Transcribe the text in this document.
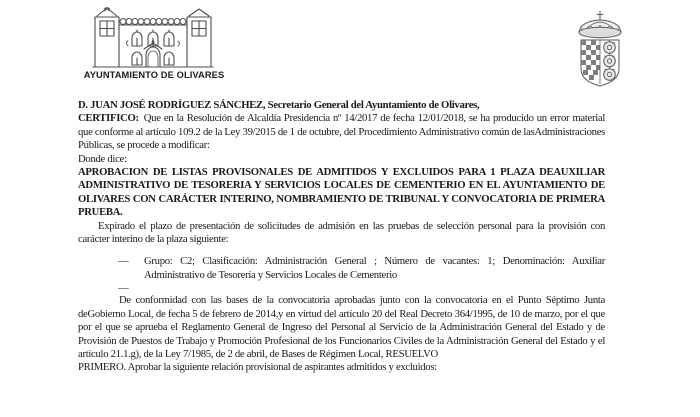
AYUNTAMIENTO DE OLIVARES

D. JUAN JOSÉ RODRÍGUEZ SÁNCHEZ, Secretario General del Ayuntamiento de Olivares,

CERTIFICO: Que en la Resolución de Alcaldía Presidencia nº 14/2017 de fecha 12/01/2018, se ha producido un error material que conforme al artículo 109.2 de la Ley 39/2015 de 1 de octubre, del Procedimiento Administrativo común de lasAdministraciones Públicas, se procede a modificar:

Donde dice:

APROBACION DE LISTAS PROVISONALES DE ADMITIDOS Y EXCLUIDOS PARA 1 PLAZA DEAUXILIAR ADMINISTRATIVO DE TESORERIA Y SERVICIOS LOCALES DE CEMENTERIO EN EL AYUNTAMIENTO DE OLIVARES CON CARÁCTER INTERINO, NOMBRAMIENTO DE TRIBUNAL Y CONVOCATORIA DE PRIMERA PRUEBA.

Expirado el plazo de presentación de solicitudes de admisión en las pruebas de selección personal para la provisión con carácter interino de la plaza siguiente:

—	Grupo: C2; Clasificación: Administración General ; Número de vacantes: 1; Denominación: Auxiliar Administrativo de Tesorería y Servicios Locales de Cementerio
—

De conformidad con las bases de la convocatoria aprobadas junto con la convocatoria en el Punto Séptimo Junta deGobierno Local, de fecha 5 de febrero de 2014,y en virtud del artículo 20 del Real Decreto 364/1995, de 10 de marzo, por el que por el que se aprueba el Reglamento General de Ingreso del Personal al Servicio de la Administración General del Estado y de Provisión de Puestos de Trabajo y Promoción Profesional de los Funcionarios Civiles de la Administración General del Estado y el artículo 21.1.g), de la Ley 7/1985, de 2 de abril, de Bases de Régimen Local, RESUELVO

PRIMERO. Aprobar la siguiente relación provisional de aspirantes admitidos y excluidos:
